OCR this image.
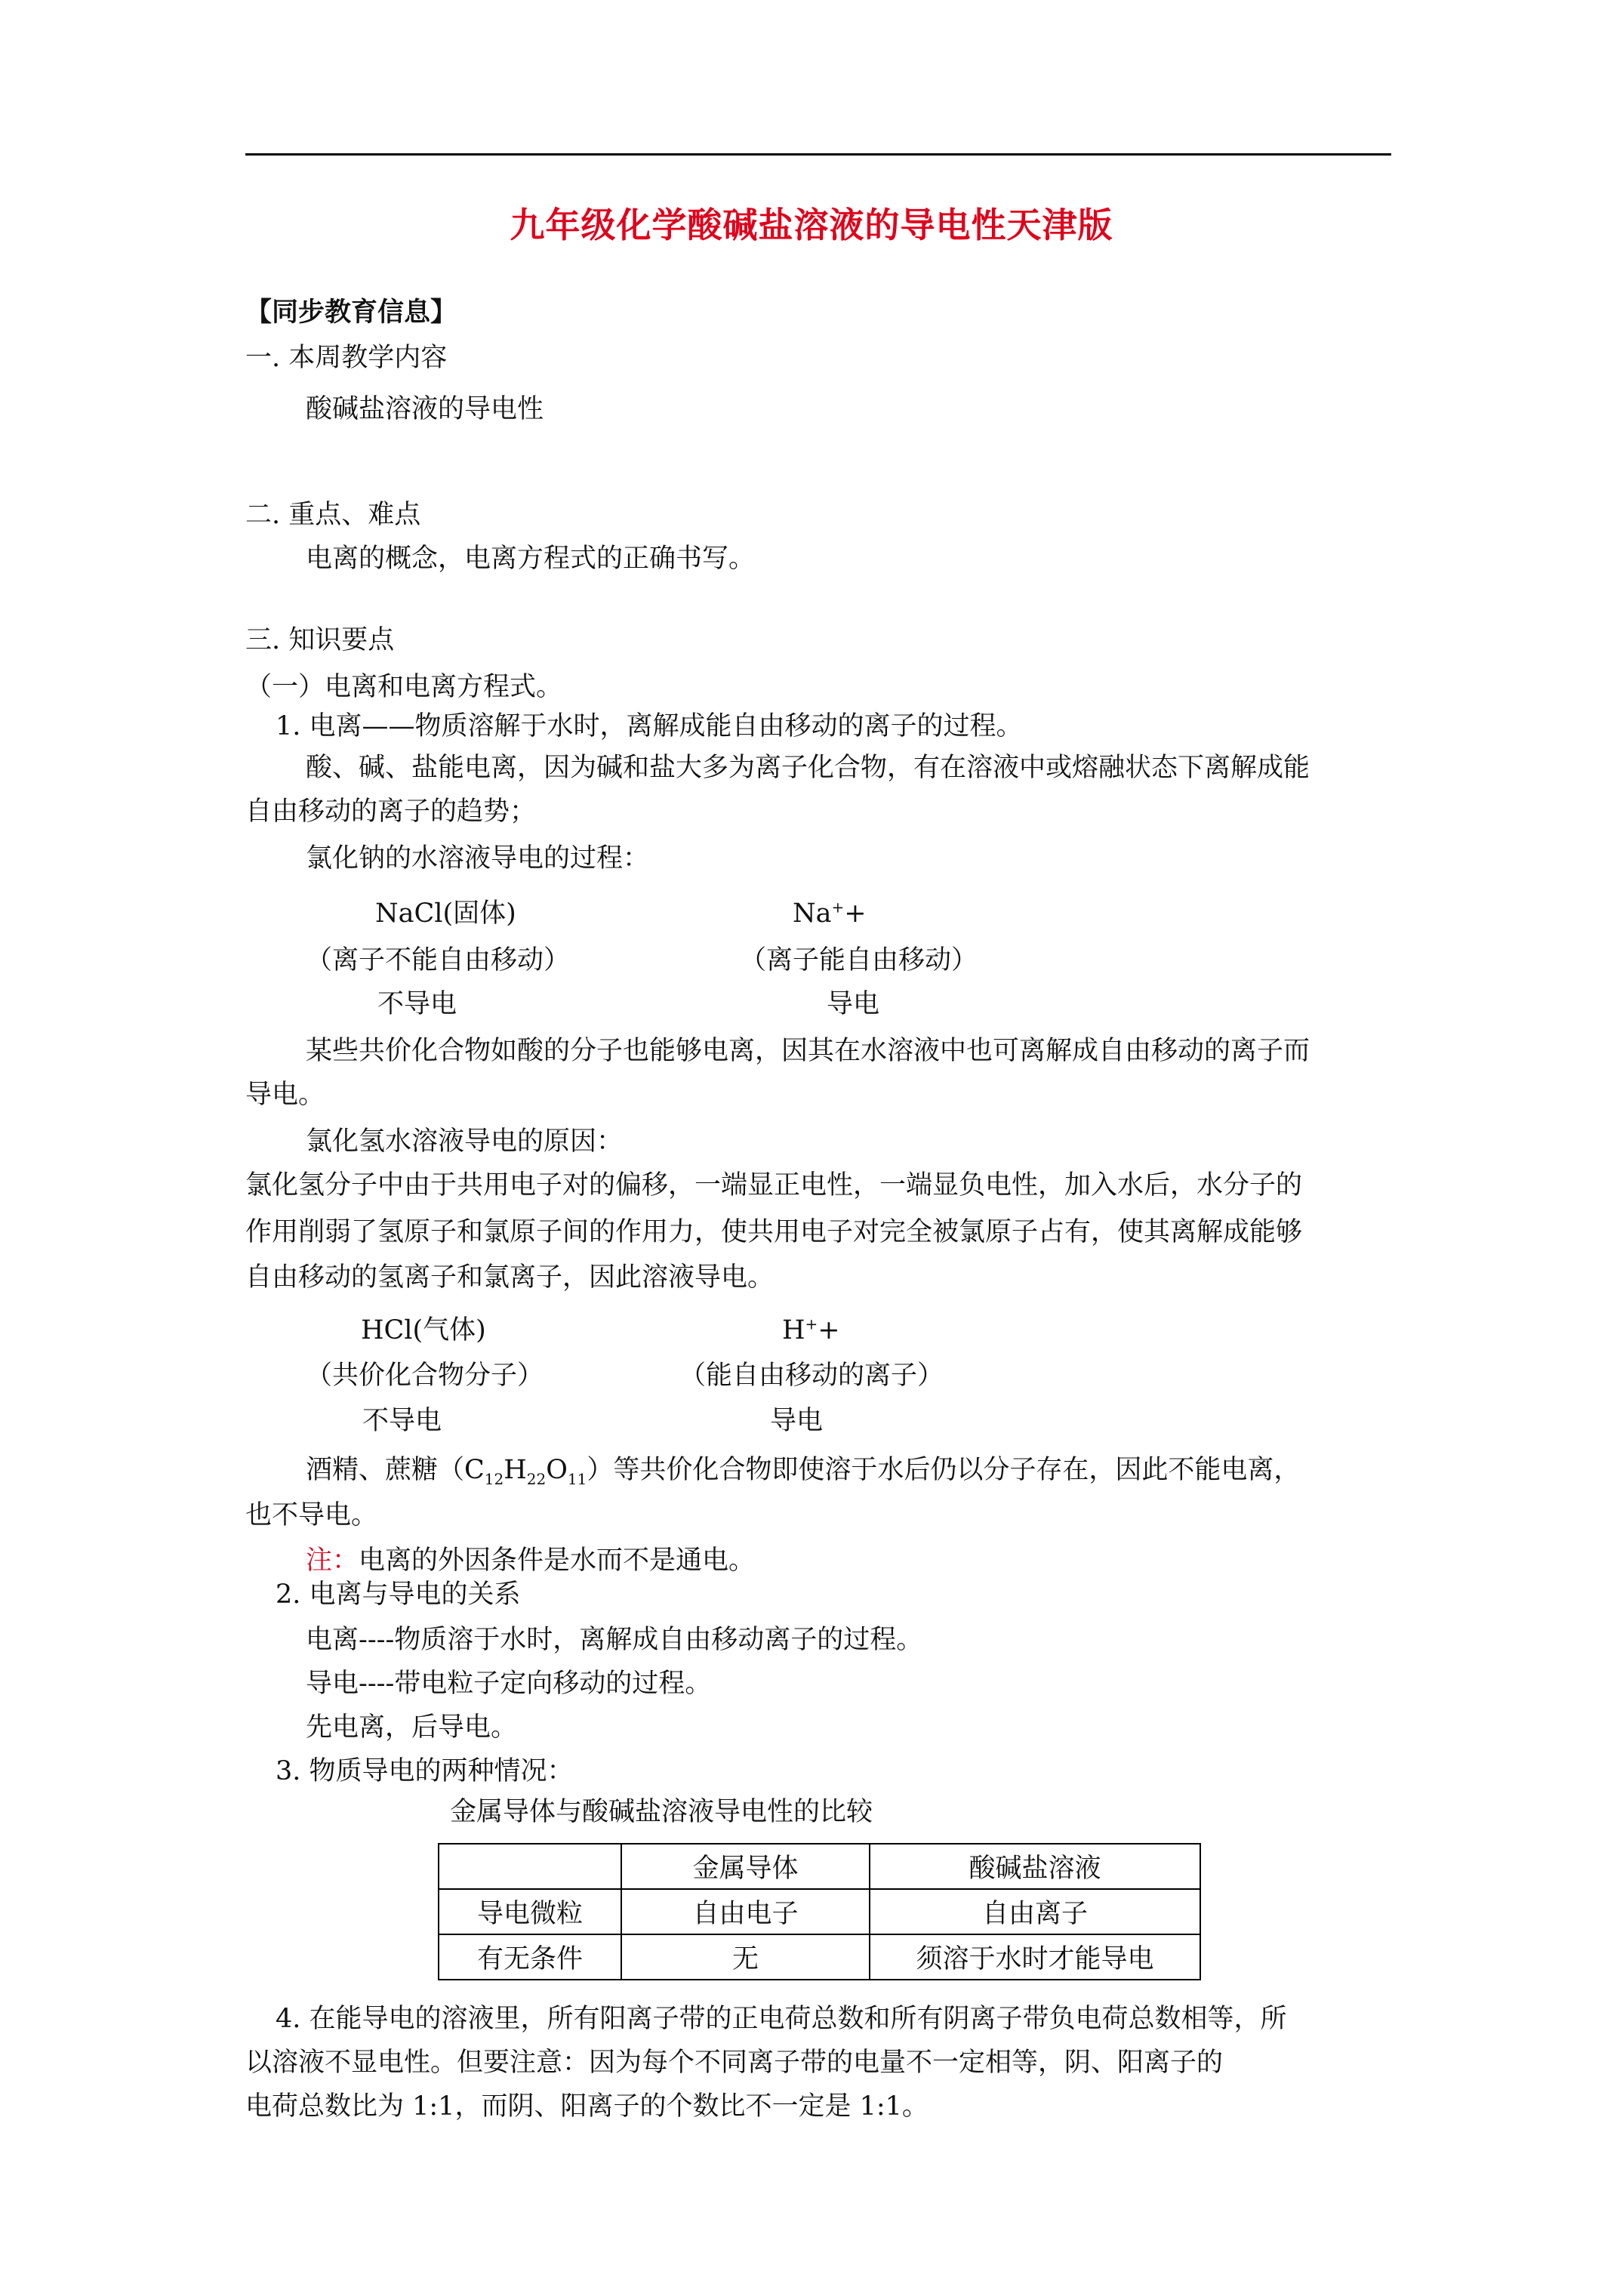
九年级化学酸碱盐溶液的导电性天津版
【同步教育信息】
一. 本周教学内容
酸碱盐溶液的导电性
二. 重点、难点
电离的概念，电离方程式的正确书写。
三. 知识要点
（一）电离和电离方程式。
1. 电离——物质溶解于水时，离解成能自由移动的离子的过程。
酸、碱、盐能电离，因为碱和盐大多为离子化合物，有在溶液中或熔融状态下离解成能
自由移动的离子的趋势；
氯化钠的水溶液导电的过程：
NaCl(固体)	Na++
（离子不能自由移动）	（离子能自由移动）
不导电	导电
某些共价化合物如酸的分子也能够电离，因其在水溶液中也可离解成自由移动的离子而
导电。
氯化氢水溶液导电的原因：
氯化氢分子中由于共用电子对的偏移，一端显正电性，一端显负电性，加入水后，水分子的
作用削弱了氢原子和氯原子间的作用力，使共用电子对完全被氯原子占有，使其离解成能够
自由移动的氢离子和氯离子，因此溶液导电。
HCl(气体)	H++
（共价化合物分子）	（能自由移动的离子）
不导电	导电
酒精、蔗糖$(C_{12}H_{22}O_{11})$等共价化合物即使溶于水后仍以分子存在，因此不能电离，
也不导电。
注：电离的外因条件是水而不是通电。
2. 电离与导电的关系
电离----物质溶于水时，离解成自由移动离子的过程。
导电----带电粒子定向移动的过程。
先电离，后导电。
3. 物质导电的两种情况：
金属导体与酸碱盐溶液导电性的比较
	金属导体	酸碱盐溶液
导电微粒	自由电子	自由离子
有无条件	无	须溶于水时才能导电
4. 在能导电的溶液里，所有阳离子带的正电荷总数和所有阴离子带负电荷总数相等，所
以溶液不显电性。但要注意：因为每个不同离子带的电量不一定相等，阴、阳离子的
电荷总数比为 1:1，而阴、阳离子的个数比不一定是 1:1。
